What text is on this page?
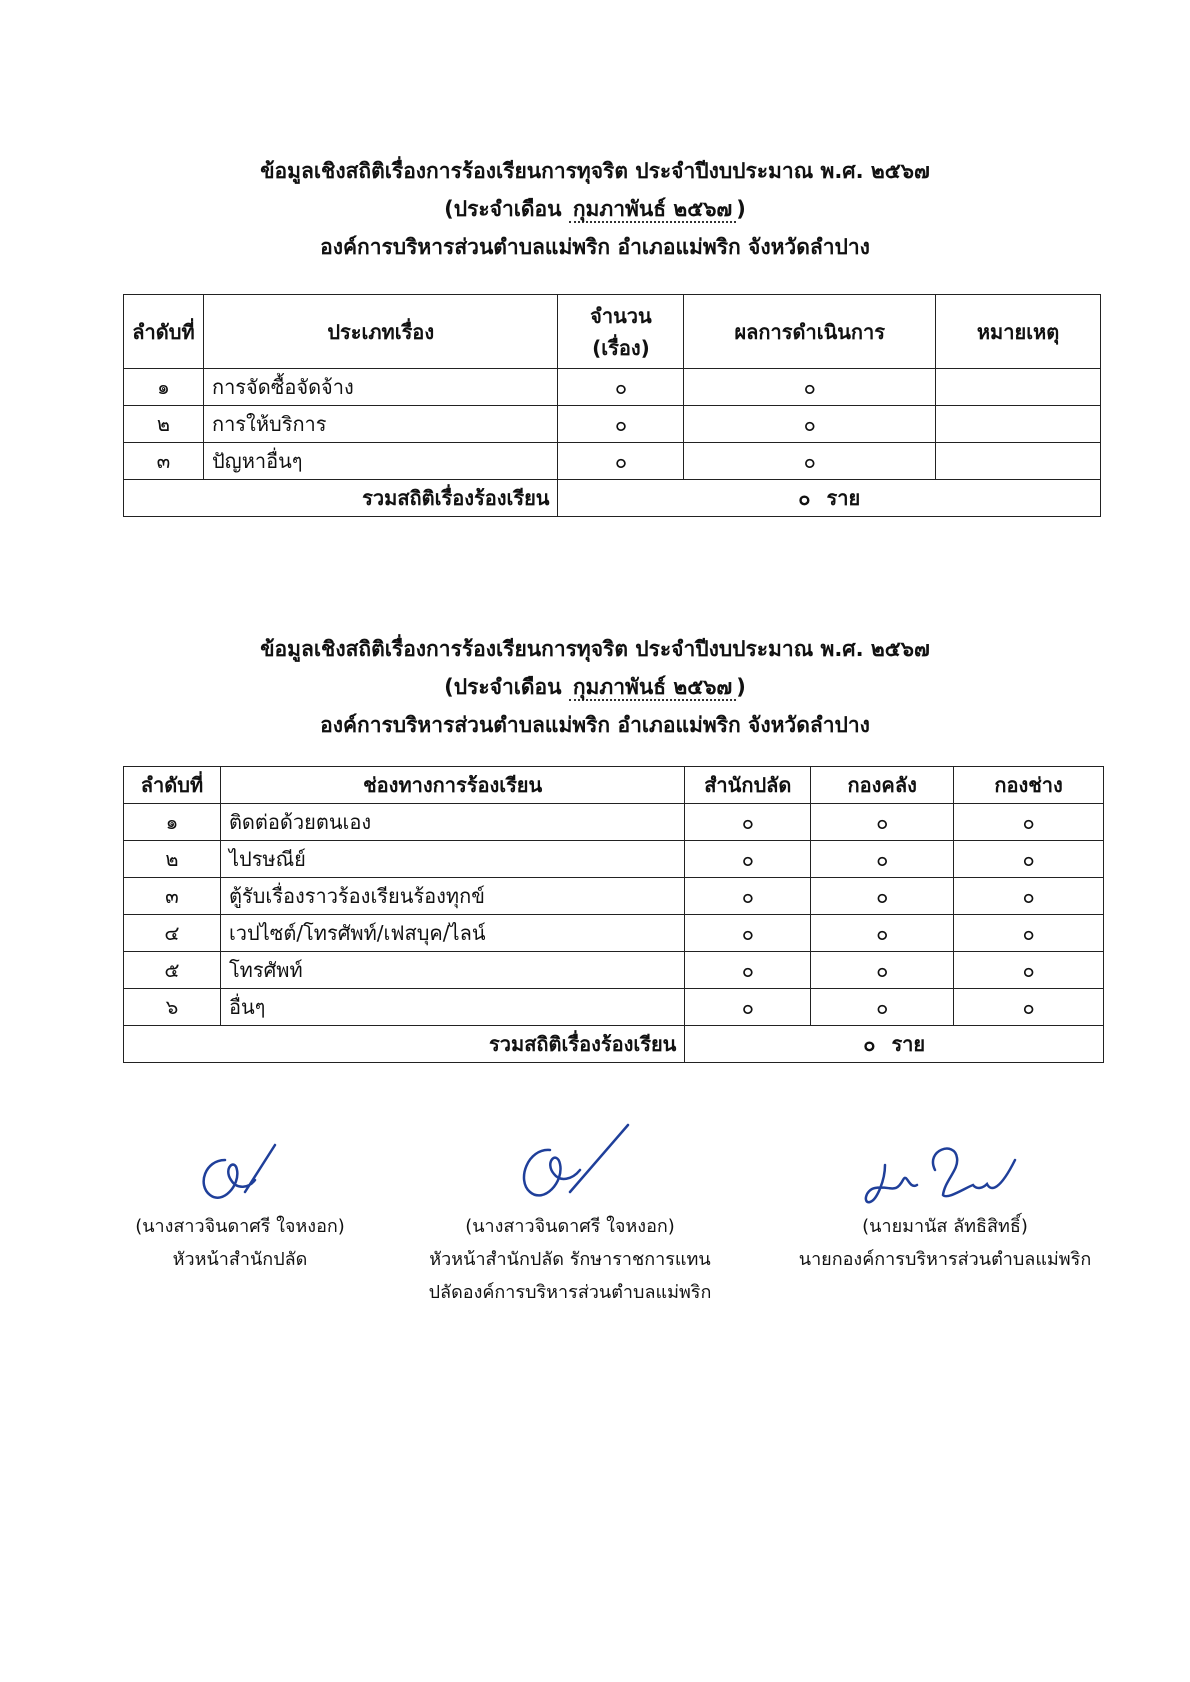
ข้อมูลเชิงสถิติเรื่องการร้องเรียนการทุจริต ประจำปีงบประมาณ พ.ศ. ๒๕๖๗
(ประจำเดือน กุมภาพันธ์ ๒๕๖๗ )
องค์การบริหารส่วนตำบลแม่พริก อำเภอแม่พริก จังหวัดลำปาง
ลำดับที่	ประเภทเรื่อง	จำนวน (เรื่อง)	ผลการดำเนินการ	หมายเหตุ
๑	การจัดซื้อจัดจ้าง	๐	๐	
๒	การให้บริการ	๐	๐	
๓	ปัญหาอื่นๆ	๐	๐	
รวมสถิติเรื่องร้องเรียน		๐ ราย		
ข้อมูลเชิงสถิติเรื่องการร้องเรียนการทุจริต ประจำปีงบประมาณ พ.ศ. ๒๕๖๗
(ประจำเดือน กุมภาพันธ์ ๒๕๖๗ )
องค์การบริหารส่วนตำบลแม่พริก อำเภอแม่พริก จังหวัดลำปาง
ลำดับที่	ช่องทางการร้องเรียน	สำนักปลัด	กองคลัง	กองช่าง
๑	ติดต่อด้วยตนเอง	๐	๐	๐
๒	ไปรษณีย์	๐	๐	๐
๓	ตู้รับเรื่องราวร้องเรียนร้องทุกข์	๐	๐	๐
๔	เวปไซต์/โทรศัพท์/เฟสบุค/ไลน์	๐	๐	๐
๕	โทรศัพท์	๐	๐	๐
๖	อื่นๆ	๐	๐	๐
รวมสถิติเรื่องร้องเรียน		๐ ราย		
(นางสาวจินดาศรี ใจหงอก)
หัวหน้าสำนักปลัด
(นางสาวจินดาศรี ใจหงอก)
หัวหน้าสำนักปลัด รักษาราชการแทน
ปลัดองค์การบริหารส่วนตำบลแม่พริก
(นายมานัส ลัทธิสิทธิ์)
นายกองค์การบริหารส่วนตำบลแม่พริก
